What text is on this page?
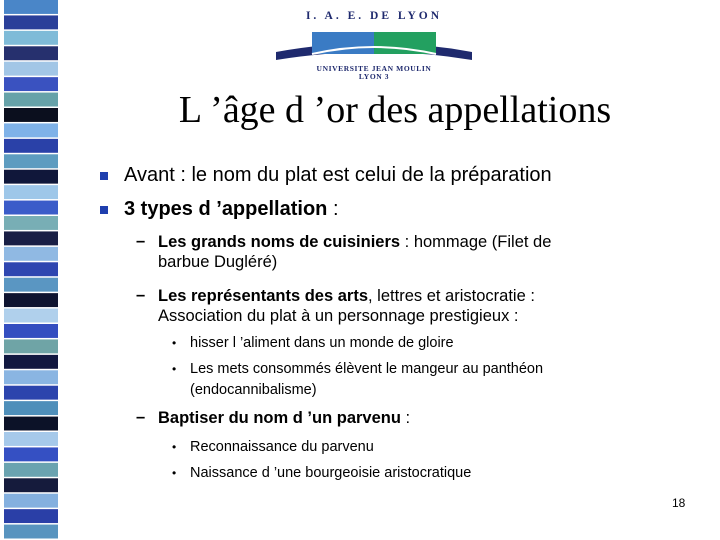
I. A. E. DE LYON
UNIVERSITE JEAN MOULIN
LYON 3
L ’âge d ’or des appellations
Avant : le nom du plat est celui de la préparation
3 types d ’appellation :
– Les grands noms de cuisiniers : hommage (Filet de
barbue Dugléré)
– Les représentants des arts, lettres et aristocratie :
Association du plat à un personnage prestigieux :
• hisser l ’aliment dans un monde de gloire
• Les mets consommés élèvent le mangeur au panthéon
(endocannibalisme)
– Baptiser du nom d ’un parvenu :
• Reconnaissance du parvenu
• Naissance d ’une bourgeoisie aristocratique
18
